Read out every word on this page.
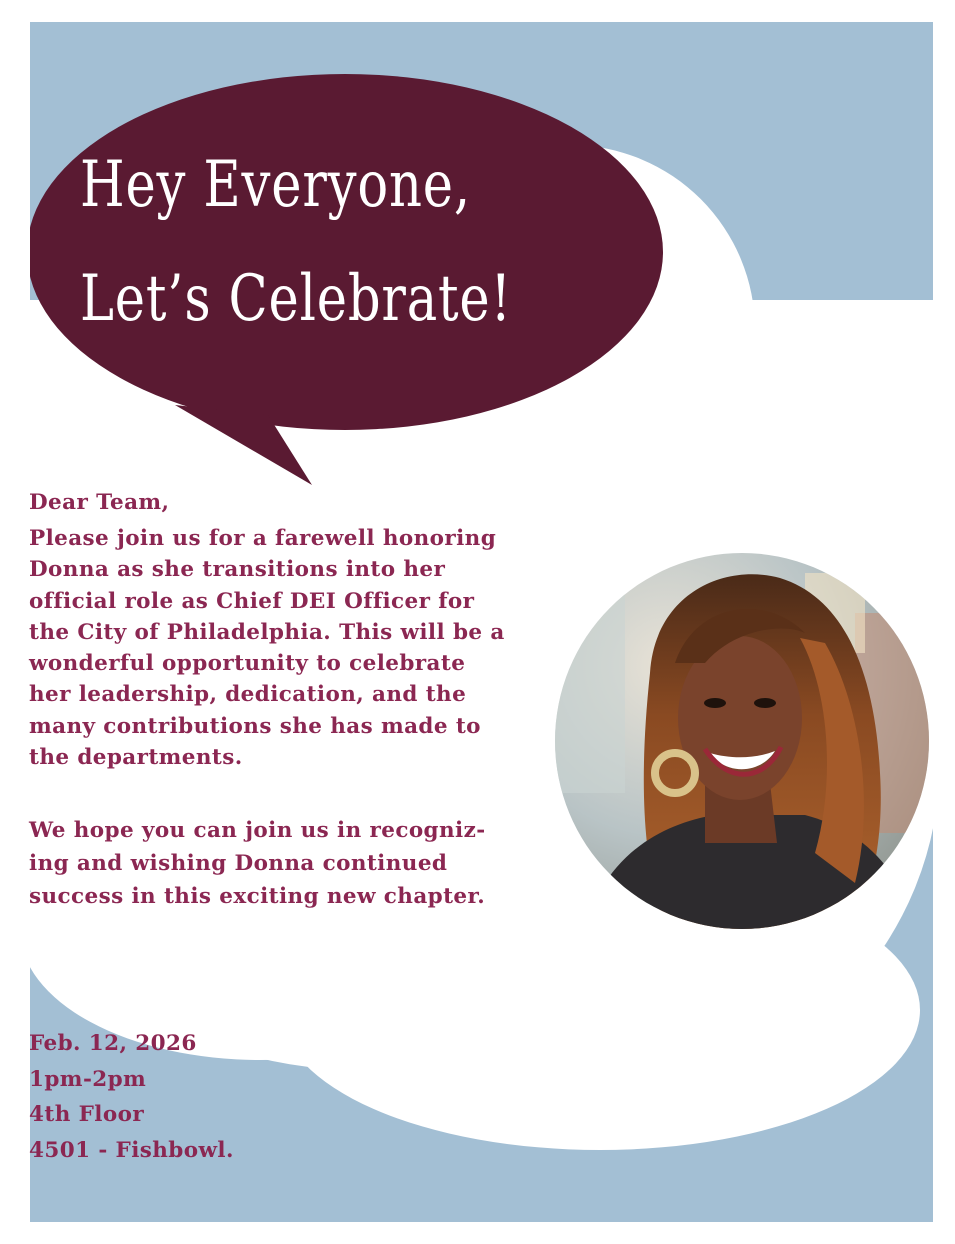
Hey Everyone,
Let’s Celebrate!

Dear Team,

Please join us for a farewell honoring
Donna as she transitions into her
official role as Chief DEI Officer for
the City of Philadelphia. This will be a
wonderful opportunity to celebrate
her leadership, dedication, and the
many contributions she has made to
the departments.

We hope you can join us in recogniz-
ing and wishing Donna continued
success in this exciting new chapter.

Feb. 12, 2026
1pm-2pm
4th Floor
4501 - Fishbowl.
